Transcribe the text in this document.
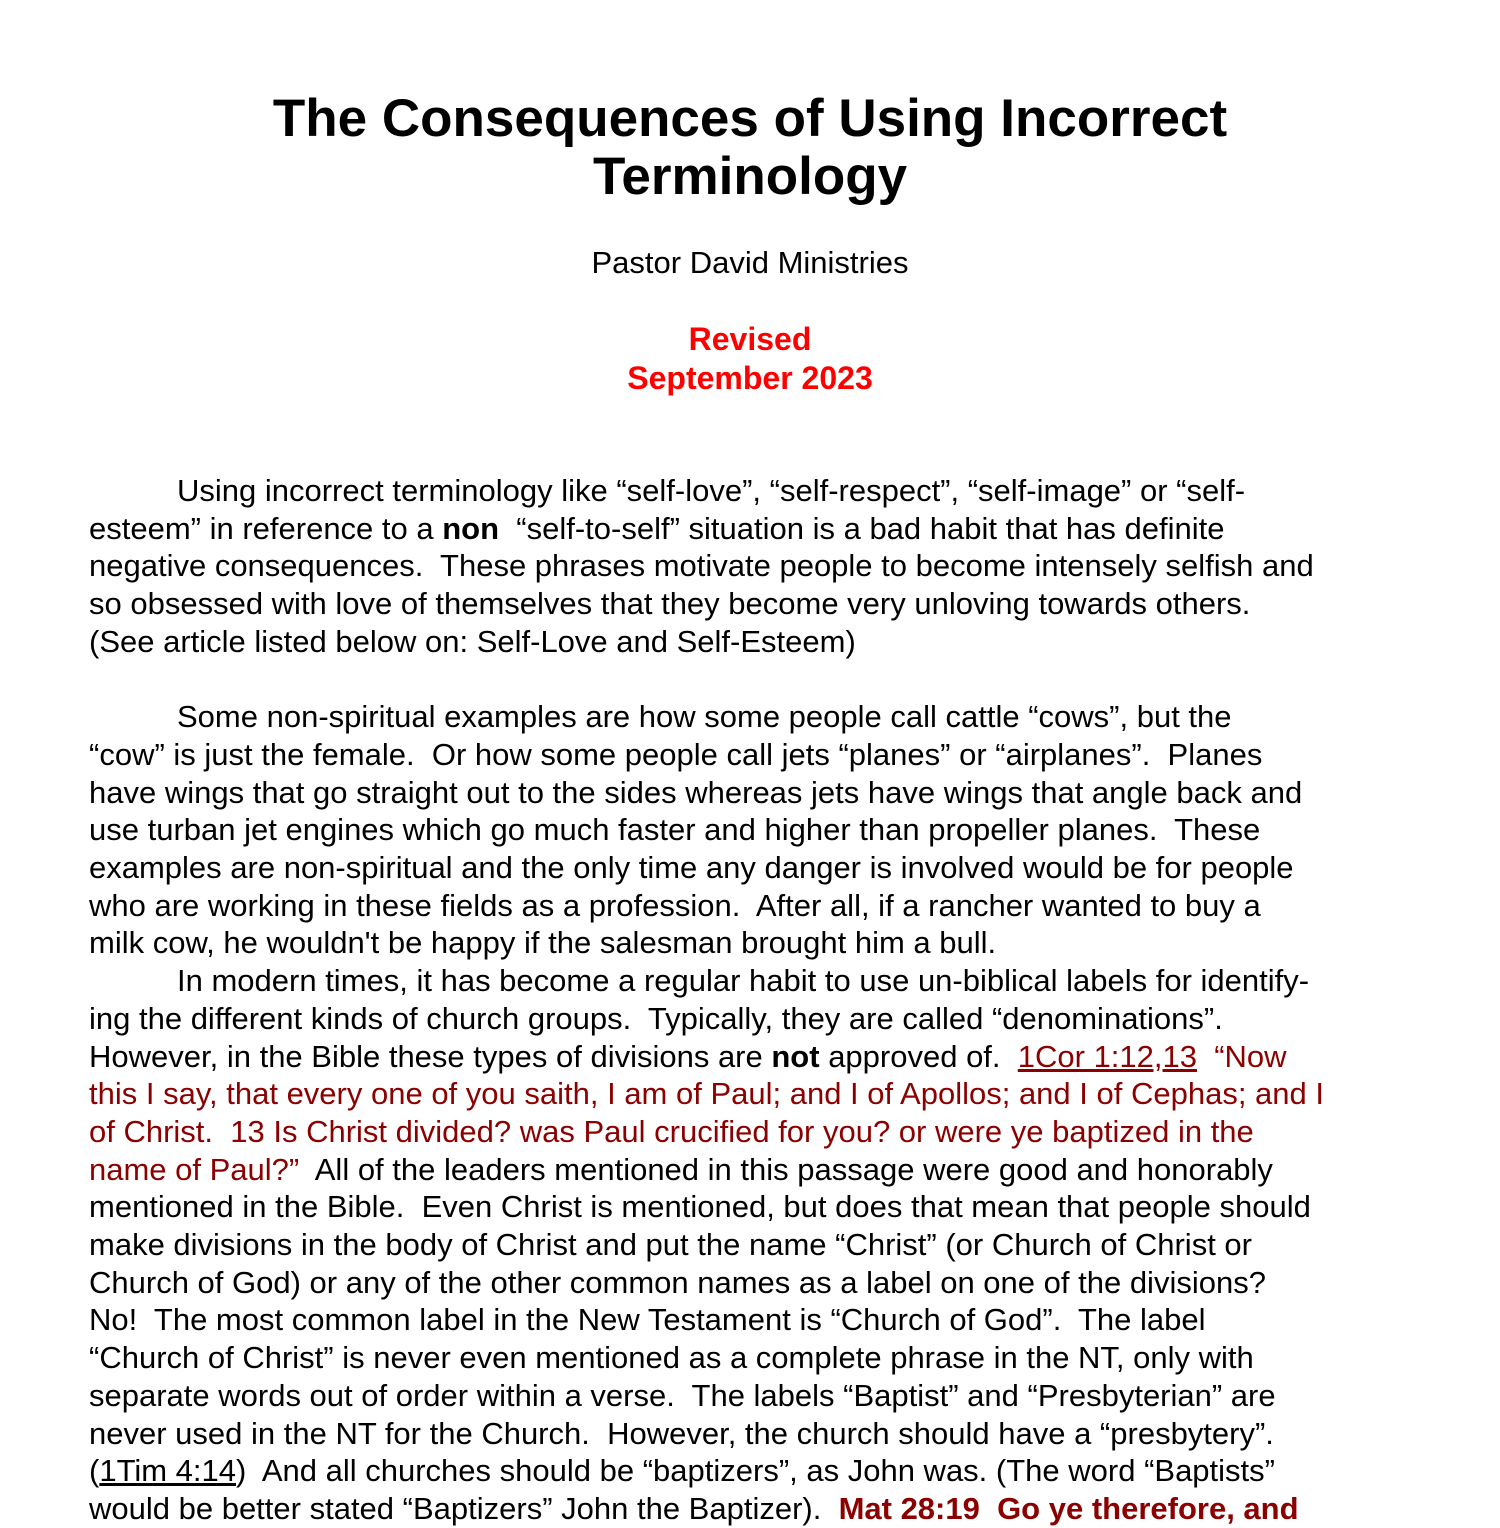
The Consequences of Using Incorrect
Terminology
Pastor David Ministries
Revised
September 2023
Using incorrect terminology like “self-love”, “self-respect”, “self-image” or “self-
esteem” in reference to a non  “self-to-self” situation is a bad habit that has definite
negative consequences.  These phrases motivate people to become intensely selfish and
so obsessed with love of themselves that they become very unloving towards others.
(See article listed below on: Self-Love and Self-Esteem)
Some non-spiritual examples are how some people call cattle “cows”, but the
“cow” is just the female.  Or how some people call jets “planes” or “airplanes”.  Planes
have wings that go straight out to the sides whereas jets have wings that angle back and
use turban jet engines which go much faster and higher than propeller planes.  These
examples are non-spiritual and the only time any danger is involved would be for people
who are working in these fields as a profession.  After all, if a rancher wanted to buy a
milk cow, he wouldn't be happy if the salesman brought him a bull.
In modern times, it has become a regular habit to use un-biblical labels for identify-
ing the different kinds of church groups.  Typically, they are called “denominations”.
However, in the Bible these types of divisions are not approved of.  1Cor 1:12,13  “Now
this I say, that every one of you saith, I am of Paul; and I of Apollos; and I of Cephas; and I
of Christ.  13 Is Christ divided? was Paul crucified for you? or were ye baptized in the
name of Paul?”  All of the leaders mentioned in this passage were good and honorably
mentioned in the Bible.  Even Christ is mentioned, but does that mean that people should
make divisions in the body of Christ and put the name “Christ” (or Church of Christ or
Church of God) or any of the other common names as a label on one of the divisions?
No!  The most common label in the New Testament is “Church of God”.  The label
“Church of Christ” is never even mentioned as a complete phrase in the NT, only with
separate words out of order within a verse.  The labels “Baptist” and “Presbyterian” are
never used in the NT for the Church.  However, the church should have a “presbytery”.
(1Tim 4:14)  And all churches should be “baptizers”, as John was. (The word “Baptists”
would be better stated “Baptizers” John the Baptizer).  Mat 28:19  Go ye therefore, and
